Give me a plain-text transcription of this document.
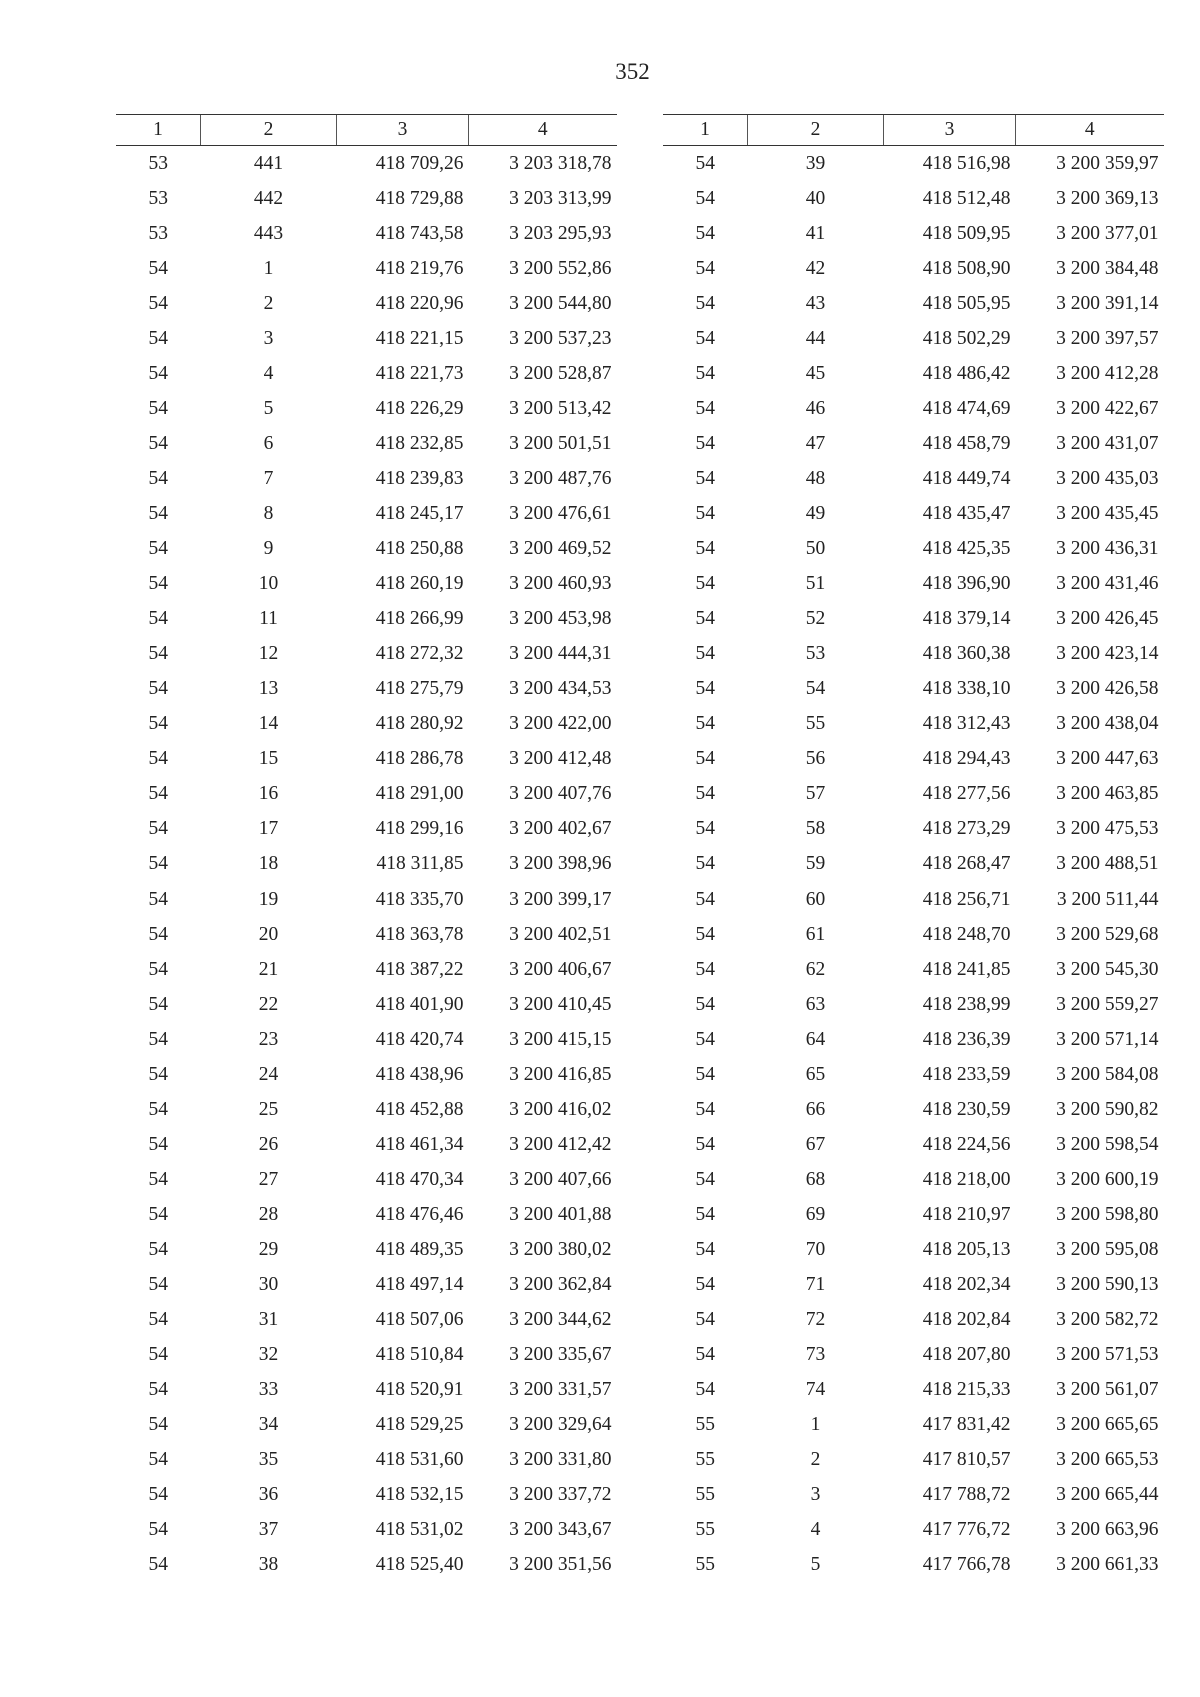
352
1	2	3	4
53	441	418 709,26	3 203 318,78
53	442	418 729,88	3 203 313,99
53	443	418 743,58	3 203 295,93
54	1	418 219,76	3 200 552,86
54	2	418 220,96	3 200 544,80
54	3	418 221,15	3 200 537,23
54	4	418 221,73	3 200 528,87
54	5	418 226,29	3 200 513,42
54	6	418 232,85	3 200 501,51
54	7	418 239,83	3 200 487,76
54	8	418 245,17	3 200 476,61
54	9	418 250,88	3 200 469,52
54	10	418 260,19	3 200 460,93
54	11	418 266,99	3 200 453,98
54	12	418 272,32	3 200 444,31
54	13	418 275,79	3 200 434,53
54	14	418 280,92	3 200 422,00
54	15	418 286,78	3 200 412,48
54	16	418 291,00	3 200 407,76
54	17	418 299,16	3 200 402,67
54	18	418 311,85	3 200 398,96
54	19	418 335,70	3 200 399,17
54	20	418 363,78	3 200 402,51
54	21	418 387,22	3 200 406,67
54	22	418 401,90	3 200 410,45
54	23	418 420,74	3 200 415,15
54	24	418 438,96	3 200 416,85
54	25	418 452,88	3 200 416,02
54	26	418 461,34	3 200 412,42
54	27	418 470,34	3 200 407,66
54	28	418 476,46	3 200 401,88
54	29	418 489,35	3 200 380,02
54	30	418 497,14	3 200 362,84
54	31	418 507,06	3 200 344,62
54	32	418 510,84	3 200 335,67
54	33	418 520,91	3 200 331,57
54	34	418 529,25	3 200 329,64
54	35	418 531,60	3 200 331,80
54	36	418 532,15	3 200 337,72
54	37	418 531,02	3 200 343,67
54	38	418 525,40	3 200 351,56
1	2	3	4
54	39	418 516,98	3 200 359,97
54	40	418 512,48	3 200 369,13
54	41	418 509,95	3 200 377,01
54	42	418 508,90	3 200 384,48
54	43	418 505,95	3 200 391,14
54	44	418 502,29	3 200 397,57
54	45	418 486,42	3 200 412,28
54	46	418 474,69	3 200 422,67
54	47	418 458,79	3 200 431,07
54	48	418 449,74	3 200 435,03
54	49	418 435,47	3 200 435,45
54	50	418 425,35	3 200 436,31
54	51	418 396,90	3 200 431,46
54	52	418 379,14	3 200 426,45
54	53	418 360,38	3 200 423,14
54	54	418 338,10	3 200 426,58
54	55	418 312,43	3 200 438,04
54	56	418 294,43	3 200 447,63
54	57	418 277,56	3 200 463,85
54	58	418 273,29	3 200 475,53
54	59	418 268,47	3 200 488,51
54	60	418 256,71	3 200 511,44
54	61	418 248,70	3 200 529,68
54	62	418 241,85	3 200 545,30
54	63	418 238,99	3 200 559,27
54	64	418 236,39	3 200 571,14
54	65	418 233,59	3 200 584,08
54	66	418 230,59	3 200 590,82
54	67	418 224,56	3 200 598,54
54	68	418 218,00	3 200 600,19
54	69	418 210,97	3 200 598,80
54	70	418 205,13	3 200 595,08
54	71	418 202,34	3 200 590,13
54	72	418 202,84	3 200 582,72
54	73	418 207,80	3 200 571,53
54	74	418 215,33	3 200 561,07
55	1	417 831,42	3 200 665,65
55	2	417 810,57	3 200 665,53
55	3	417 788,72	3 200 665,44
55	4	417 776,72	3 200 663,96
55	5	417 766,78	3 200 661,33
